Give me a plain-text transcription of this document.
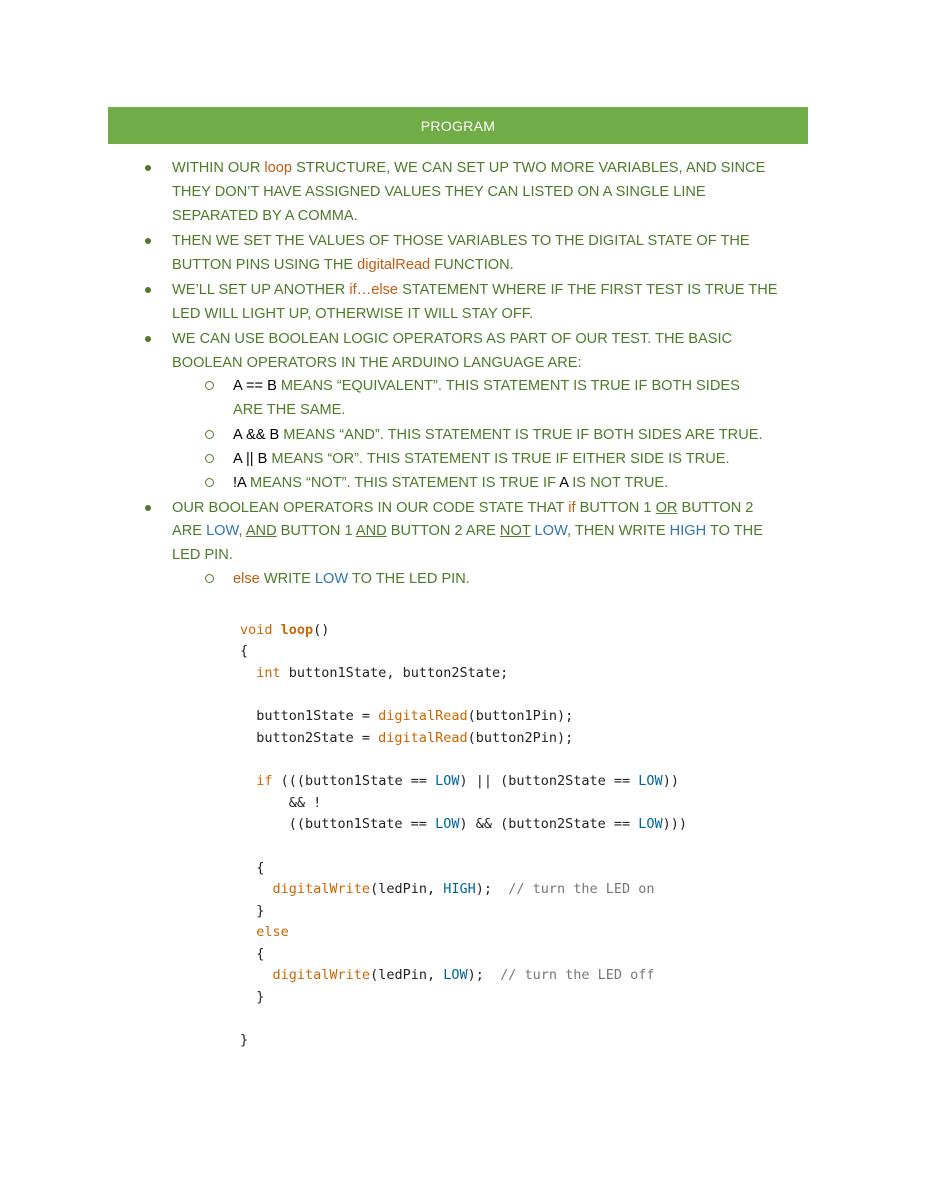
PROGRAM
WITHIN OUR loop STRUCTURE, WE CAN SET UP TWO MORE VARIABLES, AND SINCE
THEY DON’T HAVE ASSIGNED VALUES THEY CAN LISTED ON A SINGLE LINE
SEPARATED BY A COMMA.
THEN WE SET THE VALUES OF THOSE VARIABLES TO THE DIGITAL STATE OF THE
BUTTON PINS USING THE digitalRead FUNCTION.
WE’LL SET UP ANOTHER if…else STATEMENT WHERE IF THE FIRST TEST IS TRUE THE
LED WILL LIGHT UP, OTHERWISE IT WILL STAY OFF.
WE CAN USE BOOLEAN LOGIC OPERATORS AS PART OF OUR TEST. THE BASIC
BOOLEAN OPERATORS IN THE ARDUINO LANGUAGE ARE:
A == B MEANS “EQUIVALENT”. THIS STATEMENT IS TRUE IF BOTH SIDES
ARE THE SAME.
A && B MEANS “AND”. THIS STATEMENT IS TRUE IF BOTH SIDES ARE TRUE.
A || B MEANS “OR”. THIS STATEMENT IS TRUE IF EITHER SIDE IS TRUE.
!A MEANS “NOT”. THIS STATEMENT IS TRUE IF A IS NOT TRUE.
OUR BOOLEAN OPERATORS IN OUR CODE STATE THAT if BUTTON 1 OR BUTTON 2
ARE LOW, AND BUTTON 1 AND BUTTON 2 ARE NOT LOW, THEN WRITE HIGH TO THE
LED PIN.
else WRITE LOW TO THE LED PIN.
void loop()
{
int button1State, button2State;
button1State = digitalRead(button1Pin);
button2State = digitalRead(button2Pin);
if (((button1State == LOW) || (button2State == LOW))
&& !
((button1State == LOW) && (button2State == LOW)))
{
digitalWrite(ledPin, HIGH);  // turn the LED on
}
else
{
digitalWrite(ledPin, LOW);  // turn the LED off
}
}
